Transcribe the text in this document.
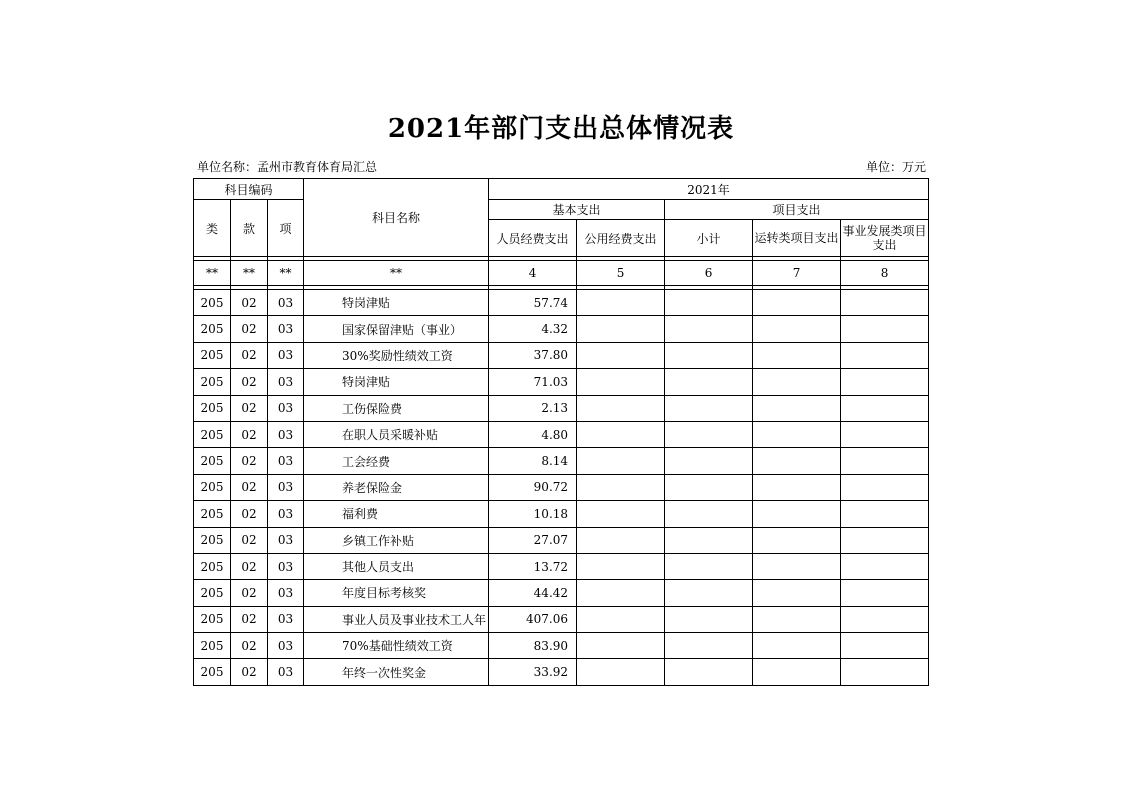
2021年部门支出总体情况表
单位名称：孟州市教育体育局汇总	单位：万元
科目编码			科目名称	2021年				
类	款	项		基本支出		项目支出		
				人员经费支出	公用经费支出	小计	运转类项目支出	事业发展类项目支出

**	**	**	**	4	5	6	7	8

205	02	03	特岗津贴	57.74				
205	02	03	国家保留津贴（事业）	4.32				
205	02	03	30%奖励性绩效工资	37.80				
205	02	03	特岗津贴	71.03				
205	02	03	工伤保险费	2.13				
205	02	03	在职人员采暖补贴	4.80				
205	02	03	工会经费	8.14				
205	02	03	养老保险金	90.72				
205	02	03	福利费	10.18				
205	02	03	乡镇工作补贴	27.07				
205	02	03	其他人员支出	13.72				
205	02	03	年度目标考核奖	44.42				
205	02	03	事业人员及事业技术工人年	407.06				
205	02	03	70%基础性绩效工资	83.90				
205	02	03	年终一次性奖金	33.92				
